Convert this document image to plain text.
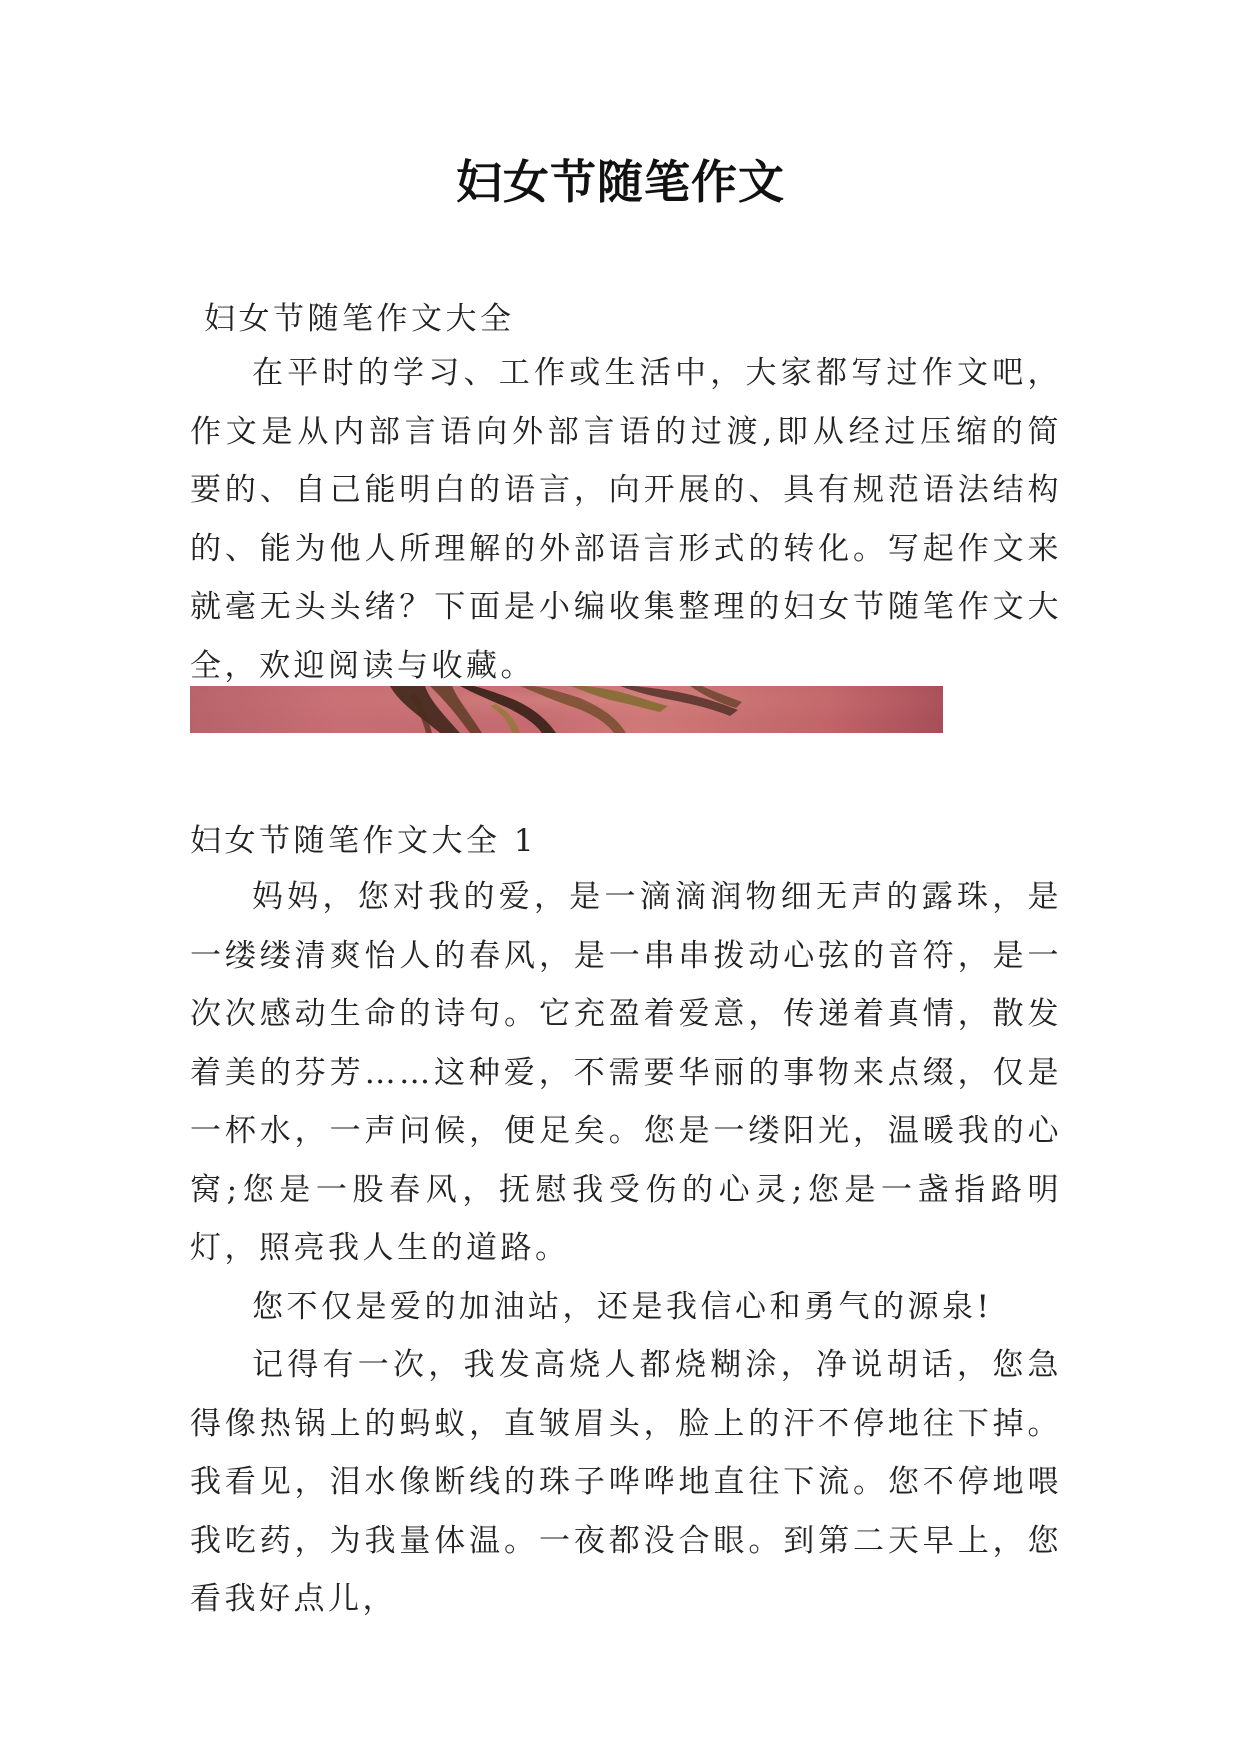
妇女节随笔作文
妇女节随笔作文大全

在平时的学习、工作或生活中，大家都写过作文吧，作文是从内部言语向外部言语的过渡,即从经过压缩的简要的、自己能明白的语言，向开展的、具有规范语法结构的、能为他人所理解的外部语言形式的转化。写起作文来就毫无头头绪？下面是小编收集整理的妇女节随笔作文大全，欢迎阅读与收藏。

妇女节随笔作文大全 1

妈妈，您对我的爱，是一滴滴润物细无声的露珠，是一缕缕清爽怡人的春风，是一串串拨动心弦的音符，是一次次感动生命的诗句。它充盈着爱意，传递着真情，散发着美的芬芳……这种爱，不需要华丽的事物来点缀，仅是一杯水，一声问候，便足矣。您是一缕阳光，温暖我的心窝;您是一股春风，抚慰我受伤的心灵;您是一盏指路明灯，照亮我人生的道路。

您不仅是爱的加油站，还是我信心和勇气的源泉!

记得有一次，我发高烧人都烧糊涂，净说胡话，您急得像热锅上的蚂蚁，直皱眉头，脸上的汗不停地往下掉。我看见，泪水像断线的珠子哗哗地直往下流。您不停地喂我吃药，为我量体温。一夜都没合眼。到第二天早上，您看我好点儿，
